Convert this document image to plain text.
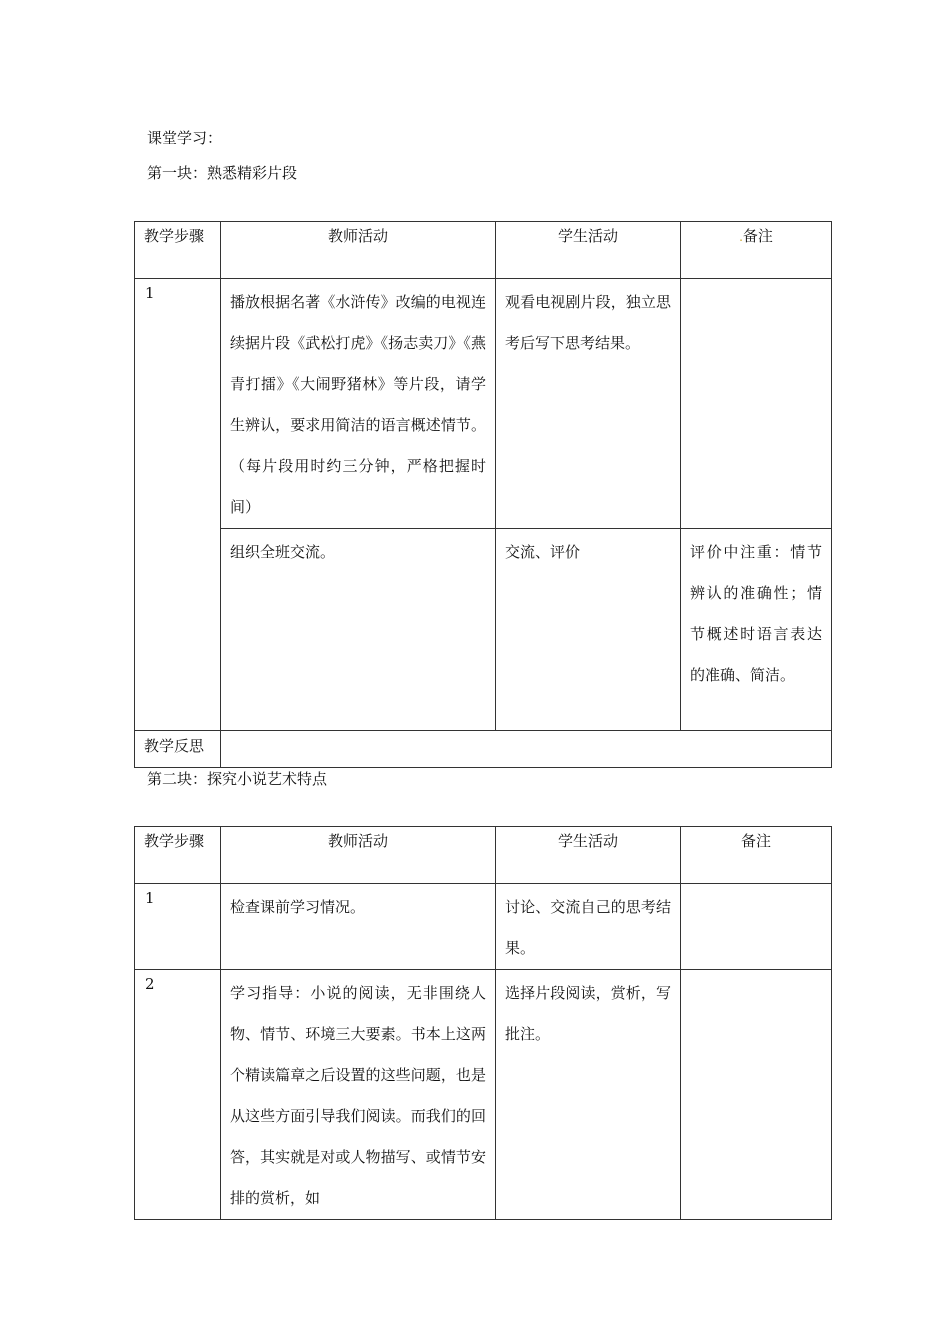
课堂学习：
第一块：熟悉精彩片段
教学步骤	教师活动	学生活动	.备注
1	播放根据名著《水浒传》改编的电视连续据片段《武松打虎》《扬志卖刀》《燕青打擂》《大闹野猪林》等片段，请学生辨认，要求用简洁的语言概述情节。（每片段用时约三分钟，严格把握时间）	观看电视剧片段，独立思考后写下思考结果。	
	组织全班交流。	交流、评价	评价中注重：情节辨认的准确性；情节概述时语言表达的准确、简洁。
教学反思			
第二块：探究小说艺术特点
教学步骤	教师活动	学生活动	备注
1	检查课前学习情况。	讨论、交流自己的思考结果。	
2	学习指导：小说的阅读，无非围绕人物、情节、环境三大要素。书本上这两个精读篇章之后设置的这些问题，也是从这些方面引导我们阅读。而我们的回答，其实就是对或人物描写、或情节安排的赏析，如	选择片段阅读，赏析，写批注。	
